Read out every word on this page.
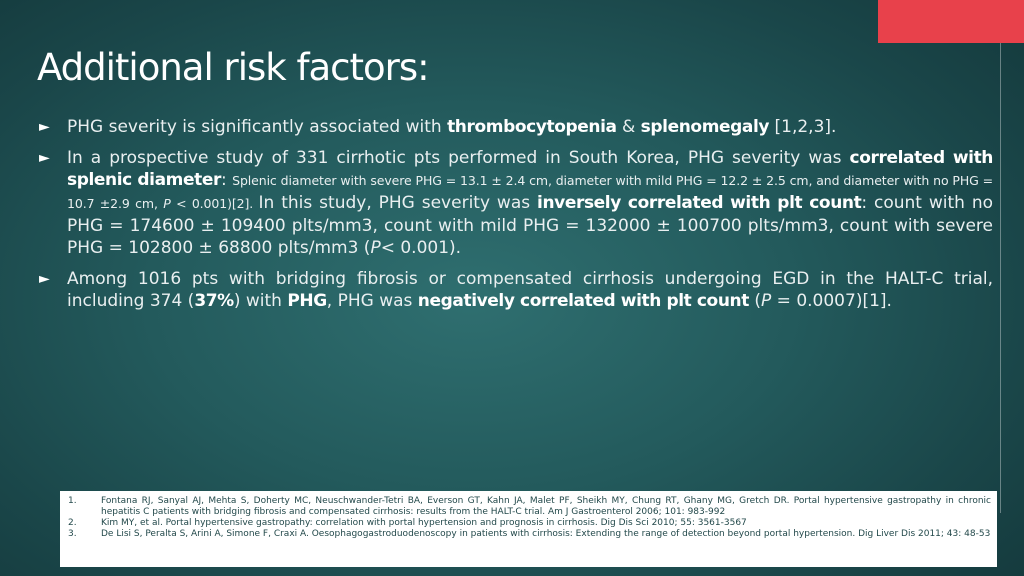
Additional risk factors:
► PHG severity is significantly associated with thrombocytopenia & splenomegaly [1,2,3].
► In a prospective study of 331 cirrhotic pts performed in South Korea, PHG severity was correlated with splenic diameter: Splenic diameter with severe PHG = 13.1 ± 2.4 cm, diameter with mild PHG = 12.2 ± 2.5 cm, and diameter with no PHG = 10.7 ±2.9 cm, P < 0.001)[2]. In this study, PHG severity was inversely correlated with plt count: count with no PHG = 174600 ± 109400 plts/mm3, count with mild PHG = 132000 ± 100700 plts/mm3, count with severe PHG = 102800 ± 68800 plts/mm3 (P< 0.001).
► Among 1016 pts with bridging fibrosis or compensated cirrhosis undergoing EGD in the HALT-C trial, including 374 (37%) with PHG, PHG was negatively correlated with plt count (P = 0.0007)[1].
1.	Fontana RJ, Sanyal AJ, Mehta S, Doherty MC, Neuschwander-Tetri BA, Everson GT, Kahn JA, Malet PF, Sheikh MY, Chung RT, Ghany MG, Gretch DR. Portal hypertensive gastropathy in chronic hepatitis C patients with bridging fibrosis and compensated cirrhosis: results from the HALT-C trial. Am J Gastroenterol 2006; 101: 983-992
2.	Kim MY, et al. Portal hypertensive gastropathy: correlation with portal hypertension and prognosis in cirrhosis. Dig Dis Sci 2010; 55: 3561-3567
3.	De Lisi S, Peralta S, Arini A, Simone F, Craxi A. Oesophagogastroduodenoscopy in patients with cirrhosis: Extending the range of detection beyond portal hypertension. Dig Liver Dis 2011; 43: 48-53
